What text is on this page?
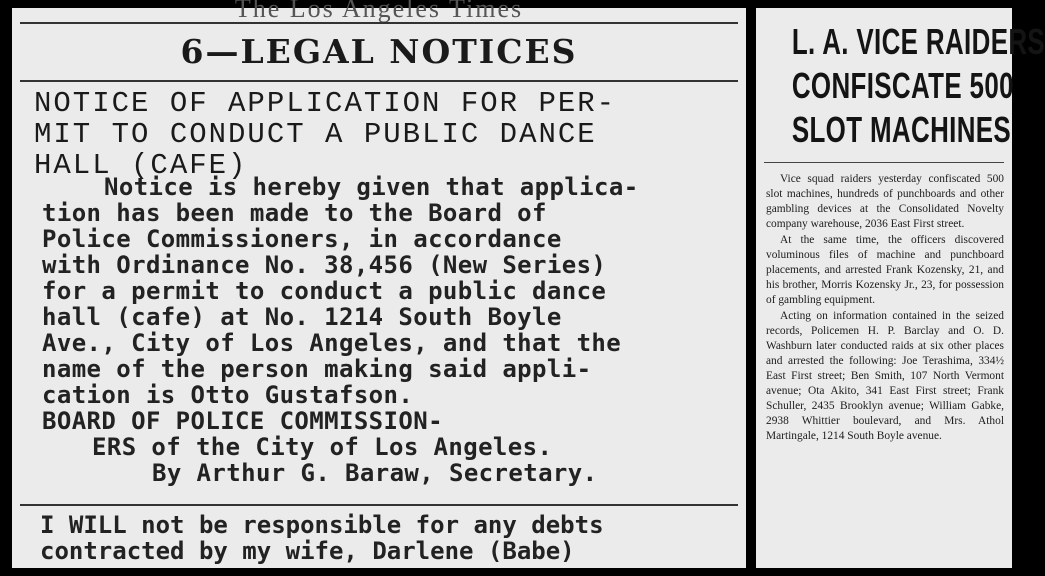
The Los Angeles Times
6—LEGAL NOTICES
NOTICE OF APPLICATION FOR PER-
MIT TO CONDUCT A PUBLIC DANCE
HALL (CAFE)
Notice is hereby given that applica-
tion has been made to the Board of
Police Commissioners, in accordance
with Ordinance No. 38,456 (New Series)
for a permit to conduct a public dance
hall (cafe) at No. 1214 South Boyle
Ave., City of Los Angeles, and that the
name of the person making said appli-
cation is Otto Gustafson.
BOARD OF POLICE COMMISSION-
ERS of the City of Los Angeles.
By Arthur G. Baraw, Secretary.
I WILL not be responsible for any debts
contracted by my wife, Darlene (Babe)
L. A. VICE RAIDERS
CONFISCATE 500
SLOT MACHINES

Vice squad raiders yesterday confiscated 500 slot machines, hundreds of punchboards and other gambling devices at the Consolidated Novelty company warehouse, 2036 East First street.

At the same time, the officers discovered voluminous files of machine and punchboard placements, and arrested Frank Kozensky, 21, and his brother, Morris Kozensky Jr., 23, for possession of gambling equipment.

Acting on information contained in the seized records, Policemen H. P. Barclay and O. D. Washburn later conducted raids at six other places and arrested the following: Joe Terashima, 334½ East First street; Ben Smith, 107 North Vermont avenue; Ota Akito, 341 East First street; Frank Schuller, 2435 Brooklyn avenue; William Gabke, 2938 Whittier boulevard, and Mrs. Athol Martingale, 1214 South Boyle avenue.
